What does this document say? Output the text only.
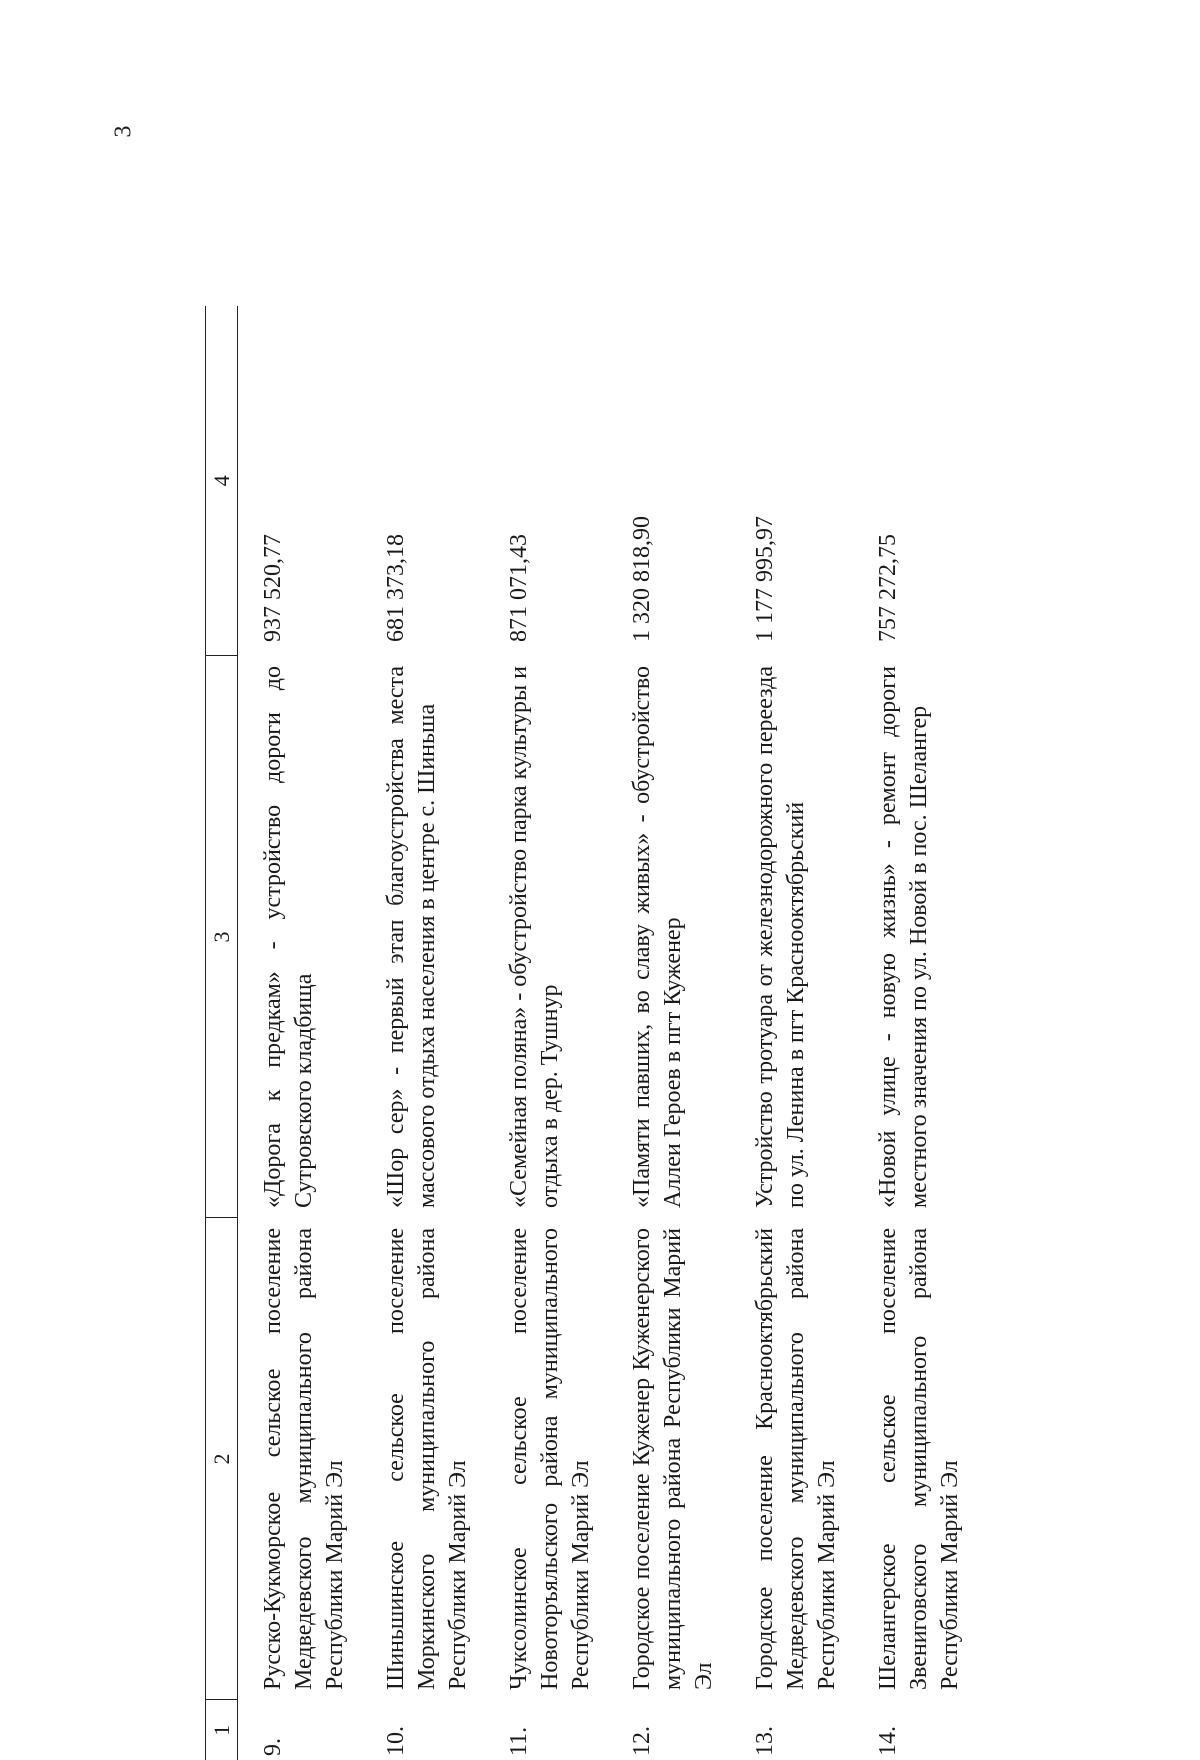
3
1	2	3	4
9.	Русско-Кукморское сельское поселение Медведевского муниципального района Республики Марий Эл	«Дорога к предкам» - устройство дороги до Сутровского кладбища	937 520,77
10.	Шиньшинское сельское поселение Моркинского муниципального района Республики Марий Эл	«Шор сер» - первый этап благоустройства места массового отдыха населения в центре с. Шиньша	681 373,18
11.	Чуксолинское сельское поселение Новоторъяльского района муниципального Республики Марий Эл	«Семейная поляна» - обустройство парка культуры и отдыха в дер. Тушнур	871 071,43
12.	Городское поселение Куженер Куженерского муниципального района Республики Марий Эл	«Памяти павших, во славу живых» - обустройство Аллеи Героев в пгт Куженер	1 320 818,90
13.	Городское поселение Краснооктябрьский Медведевского муниципального района Республики Марий Эл	Устройство тротуара от железнодорожного переезда по ул. Ленина в пгт Краснооктябрьский	1 177 995,97
14.	Шелангерское сельское поселение Звениговского муниципального района Республики Марий Эл	«Новой улице - новую жизнь» - ремонт дороги местного значения по ул. Новой в пос. Шелангер	757 272,75
